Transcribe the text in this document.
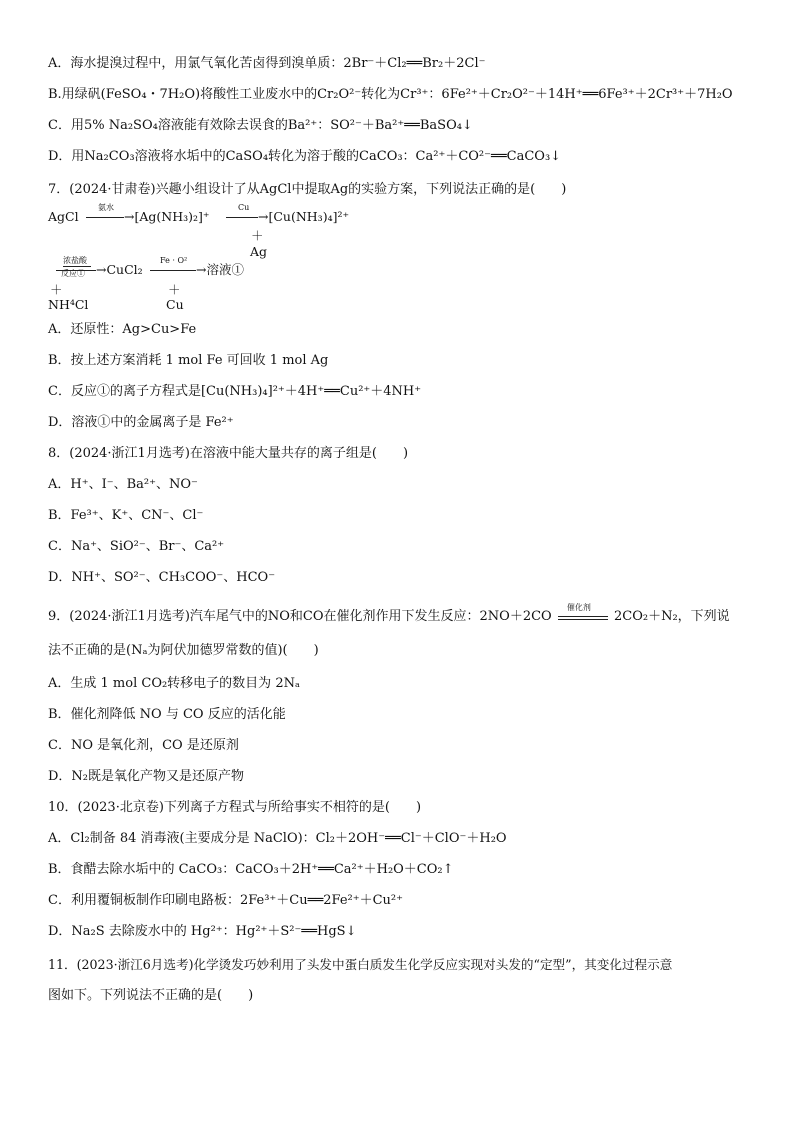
A．海水提溴过程中，用氯气氧化苦卤得到溴单质：2Br⁻＋Cl₂══Br₂＋2Cl⁻
B.用绿矾(FeSO₄・7H₂O)将酸性工业废水中的Cr₂O²⁻转化为Cr³⁺：6Fe²⁺＋Cr₂O²⁻＋14H⁺══6Fe³⁺＋2Cr³⁺＋7H₂O
C．用5% Na₂SO₄溶液能有效除去误食的Ba²⁺：SO²⁻＋Ba²⁺══BaSO₄↓
D．用Na₂CO₃溶液将水垢中的CaSO₄转化为溶于酸的CaCO₃：Ca²⁺＋CO²⁻══CaCO₃↓
7．(2024·甘肃卷)兴趣小组设计了从AgCl中提取Ag的实验方案，下列说法正确的是(　　)
AgCl
氨水
→[Ag(NH₃)₂]⁺
Cu
→[Cu(NH₃)₄]²⁺
＋
Ag
浓盐酸
反应① →CuCl₂
Fe · O²
→溶液①
＋
NH⁴Cl
＋
Cu
A．还原性：Ag>Cu>Fe
B．按上述方案消耗 1 mol Fe 可回收 1 mol Ag
C．反应①的离子方程式是[Cu(NH₃)₄]²⁺＋4H⁺══Cu²⁺＋4NH⁺
D．溶液①中的金属离子是 Fe²⁺
8．(2024·浙江1月选考)在溶液中能大量共存的离子组是(　　)
A．H⁺、I⁻、Ba²⁺、NO⁻
B．Fe³⁺、K⁺、CN⁻、Cl⁻
C．Na⁺、SiO²⁻、Br⁻、Ca²⁺
D．NH⁺、SO²⁻、CH₃COO⁻、HCO⁻
9．(2024·浙江1月选考)汽车尾气中的NO和CO在催化剂作用下发生反应：2NO＋2CO
催化剂
2CO₂＋N₂，下列说
法不正确的是(Nₐ为阿伏加德罗常数的值)(　　)
A．生成 1 mol CO₂转移电子的数目为 2Nₐ
B．催化剂降低 NO 与 CO 反应的活化能
C．NO 是氧化剂，CO 是还原剂
D．N₂既是氧化产物又是还原产物
10．(2023·北京卷)下列离子方程式与所给事实不相符的是(　　)
A．Cl₂制备 84 消毒液(主要成分是 NaClO)：Cl₂＋2OH⁻══Cl⁻＋ClO⁻＋H₂O
B．食醋去除水垢中的 CaCO₃：CaCO₃＋2H⁺══Ca²⁺＋H₂O＋CO₂↑
C．利用覆铜板制作印刷电路板：2Fe³⁺＋Cu══2Fe²⁺＋Cu²⁺
D．Na₂S 去除废水中的 Hg²⁺：Hg²⁺＋S²⁻══HgS↓
11．(2023·浙江6月选考)化学烫发巧妙利用了头发中蛋白质发生化学反应实现对头发的“定型”，其变化过程示意
图如下。下列说法不正确的是(　　)
